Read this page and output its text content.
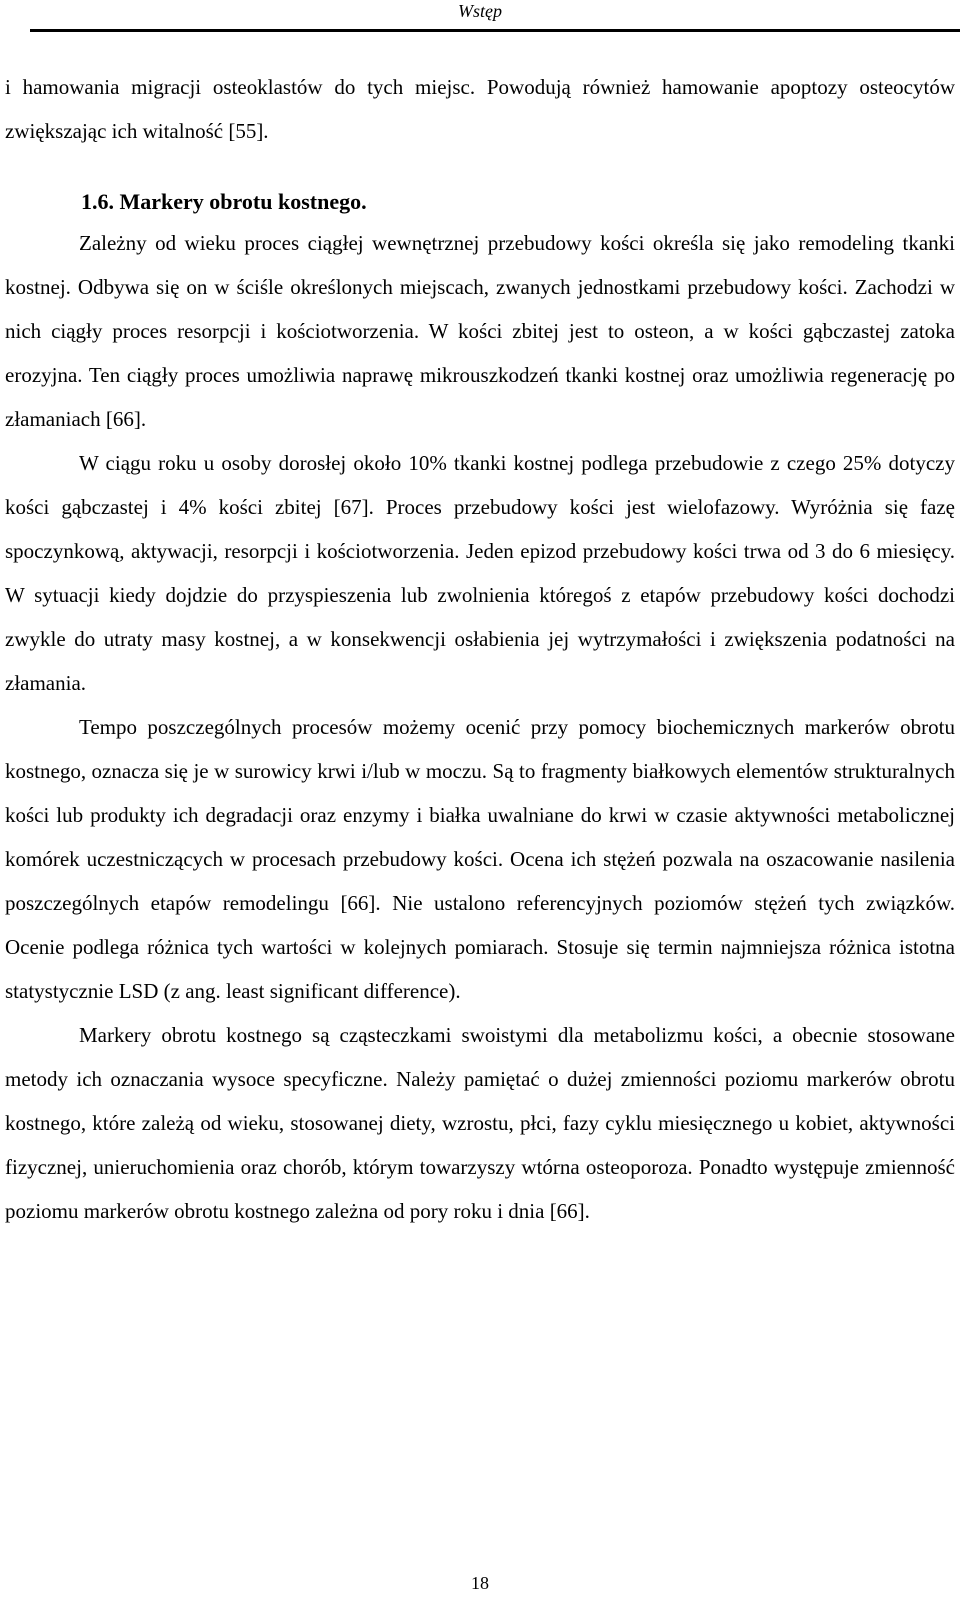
Wstęp

i hamowania migracji osteoklastów do tych miejsc. Powodują również hamowanie apoptozy osteocytów zwiększając ich witalność [55].

1.6. Markery obrotu kostnego.

Zależny od wieku proces ciągłej wewnętrznej przebudowy kości określa się jako remodeling tkanki kostnej. Odbywa się on w ściśle określonych miejscach, zwanych jednostkami przebudowy kości. Zachodzi w nich ciągły proces resorpcji i kościotworzenia. W kości zbitej jest to osteon, a w kości gąbczastej zatoka erozyjna. Ten ciągły proces umożliwia naprawę mikrouszkodzeń tkanki kostnej oraz umożliwia regenerację po złamaniach [66].

W ciągu roku u osoby dorosłej około 10% tkanki kostnej podlega przebudowie z czego 25% dotyczy kości gąbczastej i 4% kości zbitej [67]. Proces przebudowy kości jest wielofazowy. Wyróżnia się fazę spoczynkową, aktywacji, resorpcji i kościotworzenia. Jeden epizod przebudowy kości trwa od 3 do 6 miesięcy. W sytuacji kiedy dojdzie do przyspieszenia lub zwolnienia któregoś z etapów przebudowy kości dochodzi zwykle do utraty masy kostnej, a w konsekwencji osłabienia jej wytrzymałości i zwiększenia podatności na złamania.

Tempo poszczególnych procesów możemy ocenić przy pomocy biochemicznych markerów obrotu kostnego, oznacza się je w surowicy krwi i/lub w moczu. Są to fragmenty białkowych elementów strukturalnych kości lub produkty ich degradacji oraz enzymy i białka uwalniane do krwi w czasie aktywności metabolicznej komórek uczestniczących w procesach przebudowy kości. Ocena ich stężeń pozwala na oszacowanie nasilenia poszczególnych etapów remodelingu [66]. Nie ustalono referencyjnych poziomów stężeń tych związków. Ocenie podlega różnica tych wartości w kolejnych pomiarach. Stosuje się termin najmniejsza różnica istotna statystycznie LSD (z ang. least significant difference).

Markery obrotu kostnego są cząsteczkami swoistymi dla metabolizmu kości, a obecnie stosowane metody ich oznaczania wysoce specyficzne. Należy pamiętać o dużej zmienności poziomu markerów obrotu kostnego, które zależą od wieku, stosowanej diety, wzrostu, płci, fazy cyklu miesięcznego u kobiet, aktywności fizycznej, unieruchomienia oraz chorób, którym towarzyszy wtórna osteoporoza. Ponadto występuje zmienność poziomu markerów obrotu kostnego zależna od pory roku i dnia [66].

18
